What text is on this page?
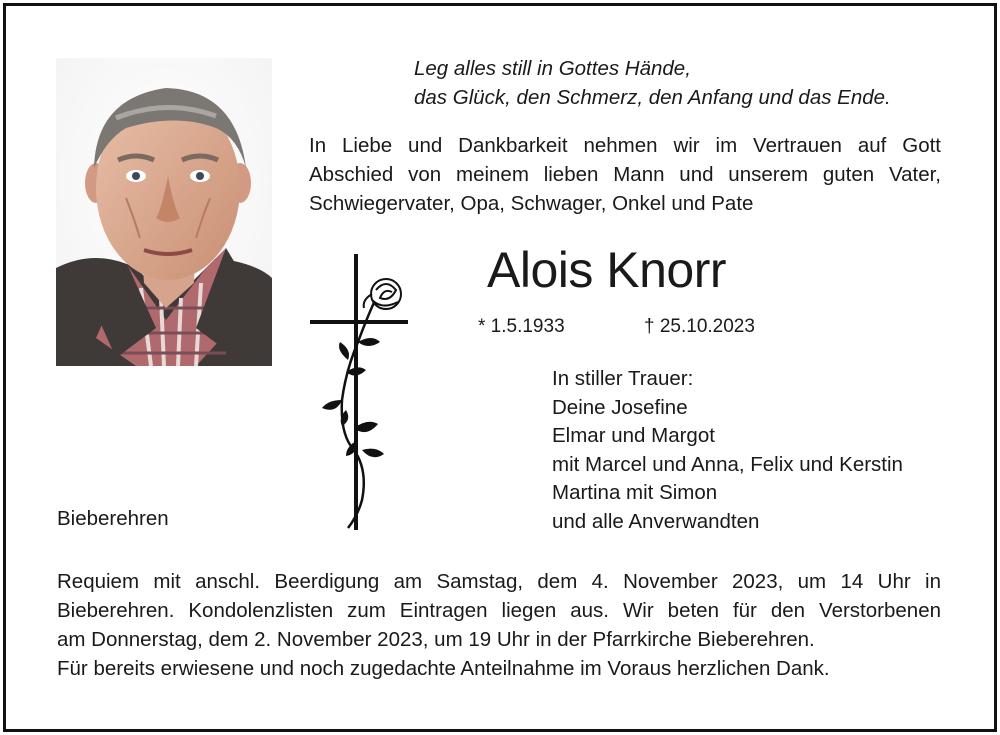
Leg alles still in Gottes Hände,
das Glück, den Schmerz, den Anfang und das Ende.
In Liebe und Dankbarkeit nehmen wir im Vertrauen auf Gott
Abschied von meinem lieben Mann und unserem guten Vater,
Schwiegervater, Opa, Schwager, Onkel und Pate
Alois Knorr
* 1.5.1933	† 25.10.2023
In stiller Trauer:
Deine Josefine
Elmar und Margot
mit Marcel und Anna, Felix und Kerstin
Martina mit Simon
und alle Anverwandten
Bieberehren
Requiem mit anschl. Beerdigung am Samstag, dem 4. November 2023, um 14 Uhr in
Bieberehren. Kondolenzlisten zum Eintragen liegen aus. Wir beten für den Verstorbenen
am Donnerstag, dem 2. November 2023, um 19 Uhr in der Pfarrkirche Bieberehren.
Für bereits erwiesene und noch zugedachte Anteilnahme im Voraus herzlichen Dank.
